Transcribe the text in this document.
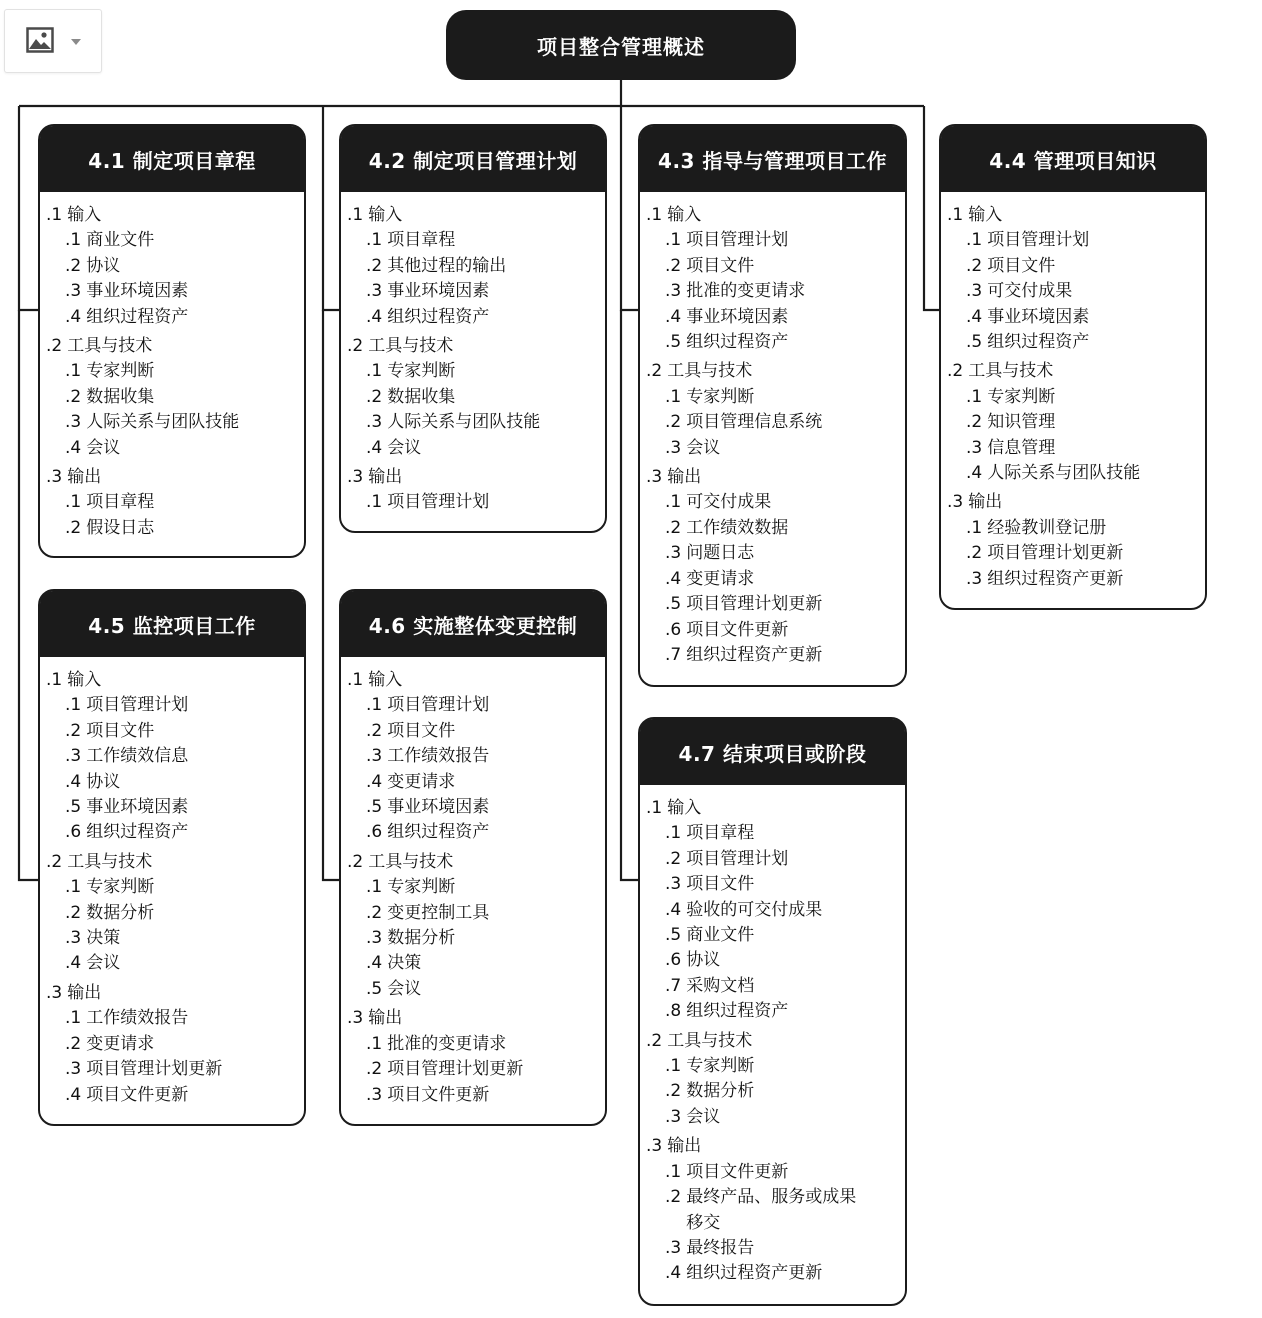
项目整合管理概述
4.1 制定项目章程
.1 输入
.1 商业文件
.2 协议
.3 事业环境因素
.4 组织过程资产
.2 工具与技术
.1 专家判断
.2 数据收集
.3 人际关系与团队技能
.4 会议
.3 输出
.1 项目章程
.2 假设日志
4.2 制定项目管理计划
.1 输入
.1 项目章程
.2 其他过程的输出
.3 事业环境因素
.4 组织过程资产
.2 工具与技术
.1 专家判断
.2 数据收集
.3 人际关系与团队技能
.4 会议
.3 输出
.1 项目管理计划
4.3 指导与管理项目工作
.1 输入
.1 项目管理计划
.2 项目文件
.3 批准的变更请求
.4 事业环境因素
.5 组织过程资产
.2 工具与技术
.1 专家判断
.2 项目管理信息系统
.3 会议
.3 输出
.1 可交付成果
.2 工作绩效数据
.3 问题日志
.4 变更请求
.5 项目管理计划更新
.6 项目文件更新
.7 组织过程资产更新
4.4 管理项目知识
.1 输入
.1 项目管理计划
.2 项目文件
.3 可交付成果
.4 事业环境因素
.5 组织过程资产
.2 工具与技术
.1 专家判断
.2 知识管理
.3 信息管理
.4 人际关系与团队技能
.3 输出
.1 经验教训登记册
.2 项目管理计划更新
.3 组织过程资产更新
4.5 监控项目工作
.1 输入
.1 项目管理计划
.2 项目文件
.3 工作绩效信息
.4 协议
.5 事业环境因素
.6 组织过程资产
.2 工具与技术
.1 专家判断
.2 数据分析
.3 决策
.4 会议
.3 输出
.1 工作绩效报告
.2 变更请求
.3 项目管理计划更新
.4 项目文件更新
4.6 实施整体变更控制
.1 输入
.1 项目管理计划
.2 项目文件
.3 工作绩效报告
.4 变更请求
.5 事业环境因素
.6 组织过程资产
.2 工具与技术
.1 专家判断
.2 变更控制工具
.3 数据分析
.4 决策
.5 会议
.3 输出
.1 批准的变更请求
.2 项目管理计划更新
.3 项目文件更新
4.7 结束项目或阶段
.1 输入
.1 项目章程
.2 项目管理计划
.3 项目文件
.4 验收的可交付成果
.5 商业文件
.6 协议
.7 采购文档
.8 组织过程资产
.2 工具与技术
.1 专家判断
.2 数据分析
.3 会议
.3 输出
.1 项目文件更新
.2 最终产品、服务或成果移交
.3 最终报告
.4 组织过程资产更新
